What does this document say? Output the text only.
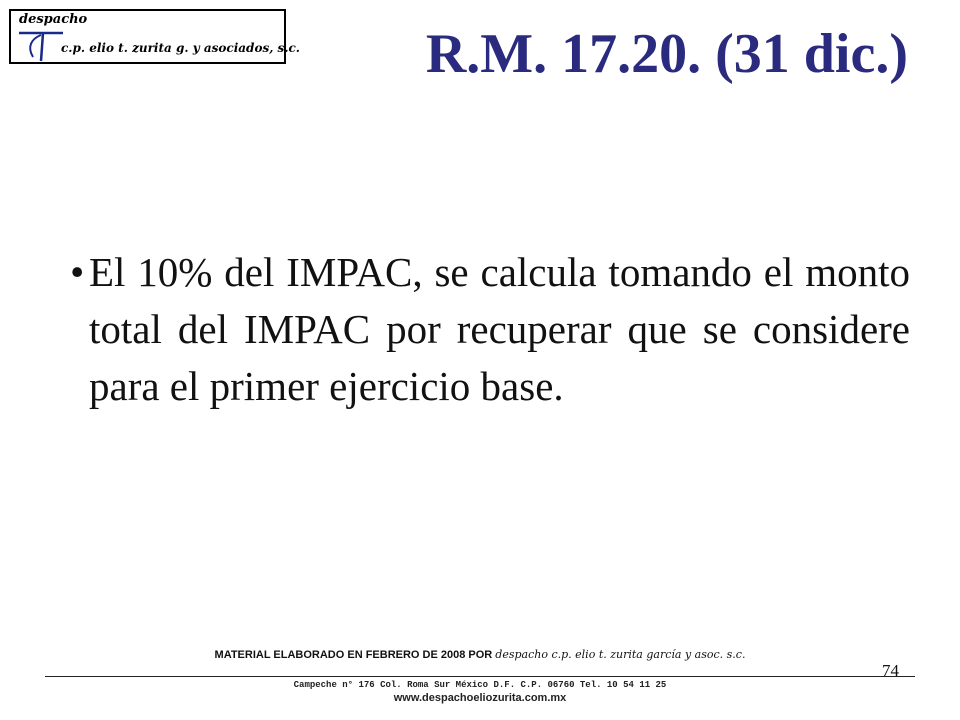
despacho
c.p. elio t. zurita g. y asociados, s.c. R.M. 17.20. (31 dic.)
• El 10% del IMPAC, se calcula tomando el monto total del IMPAC por recuperar que se considere para el primer ejercicio base.
MATERIAL ELABORADO EN FEBRERO DE 2008 POR despacho c.p. elio t. zurita garcía y asoc. s.c.
74
Campeche n° 176 Col. Roma Sur México D.F. C.P. 06760 Tel. 10 54 11 25
www.despachoeliozurita.com.mx
